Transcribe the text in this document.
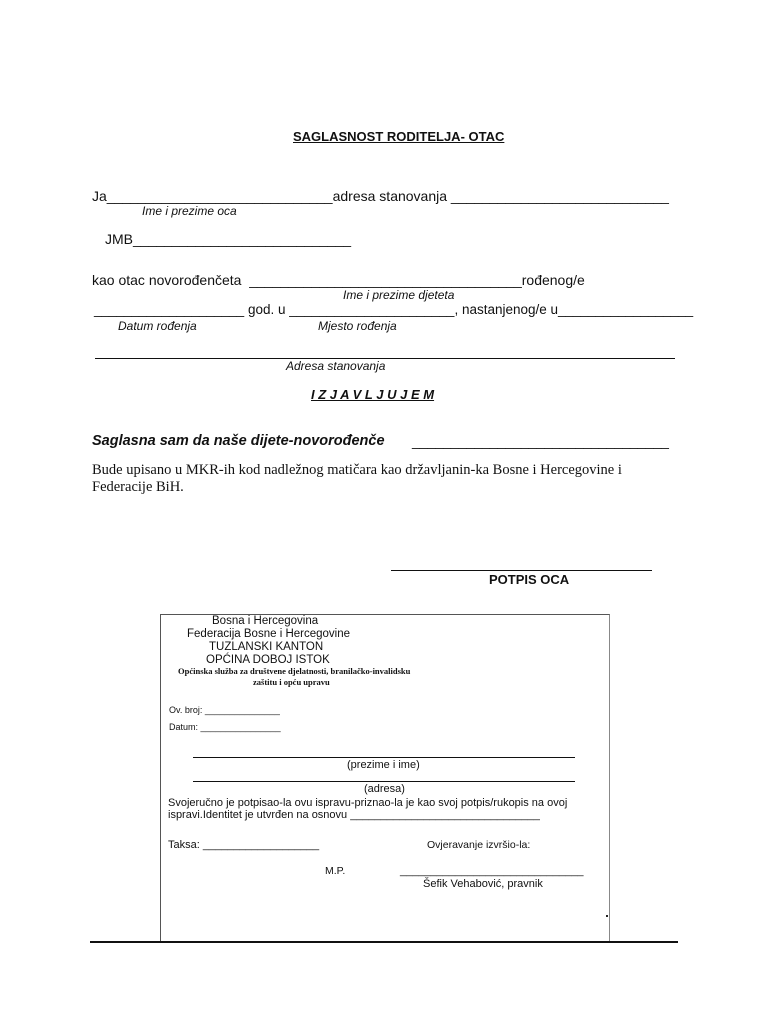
SAGLASNOST RODITELJA- OTAC
Ja_____________________________adresa stanovanja ____________________________
Ime i prezime oca
JMB____________________________
kao otac novorođenčeta ___________________________________rođenog/e
Ime i prezime djeteta
____________________ god. u ______________________, nastanjenog/e u__________________
Datum rođenja	Mjesto rođenja
Adresa stanovanja
I Z J A V L J U J E M
Saglasna sam da naše dijete-novorođenče _________________________________
Bude upisano u MKR-ih kod nadležnog matičara kao državljanin-ka Bosne i Hercegovine i
Federacije BiH.
POTPIS OCA
Bosna i Hercegovina
Federacija Bosne i Hercegovine
TUZLANSKI KANTON
OPĆINA DOBOJ ISTOK
Općinska služba za društvene djelatnosti, branilačko-invalidsku
zaštitu i opću upravu
Ov. broj: _______________
Datum: ________________
(prezime i ime)
(adresa)
Svojeručno je potpisao-la ovu ispravu-priznao-la je kao svoj potpis/rukopis na ovoj
ispravi.Identitet je utvrđen na osnovu _______________________________
Taksa: ___________________	Ovjeravanje izvršio-la:
M.P.	______________________________
Šefik Vehabović, pravnik
